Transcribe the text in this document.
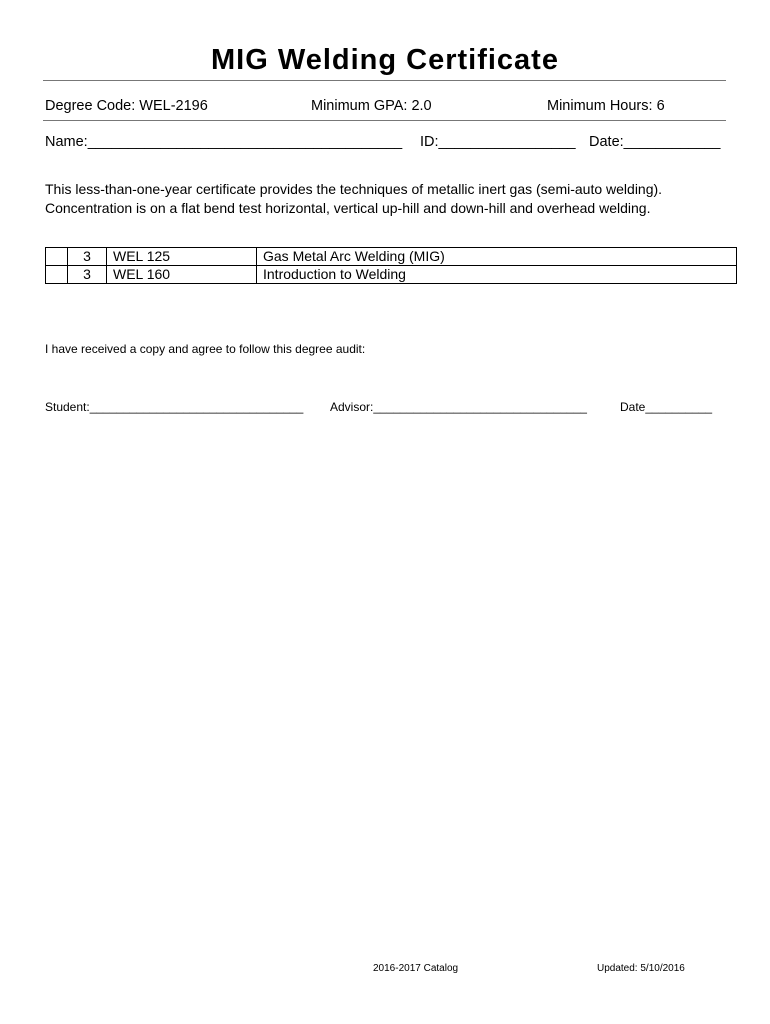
MIG Welding Certificate
Degree Code: WEL-2196	Minimum GPA: 2.0	Minimum Hours: 6
Name:_______________________________________ ID:_________________ Date:____________

This less-than-one-year certificate provides the techniques of metallic inert gas (semi-auto welding).

Concentration is on a flat bend test horizontal, vertical up-hill and down-hill and overhead welding.

	3	WEL 125	Gas Metal Arc Welding (MIG)
	3	WEL 160	Introduction to Welding
I have received a copy and agree to follow this degree audit:
Student:________________________________ Advisor:________________________________	Date__________
2016-2017 Catalog	Updated: 5/10/2016
